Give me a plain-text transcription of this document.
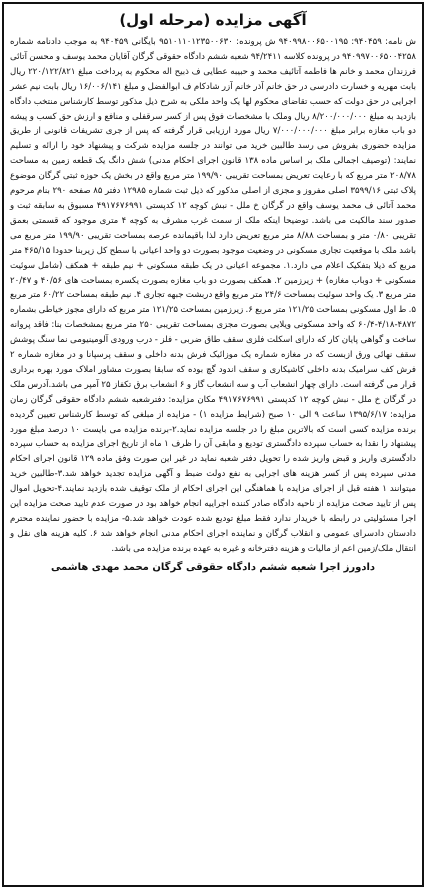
آگهی مزایده (مرحله اول)

ش نامه: ۹۴۰۴۵۹: ۹۴۰۹۹۸۰۰۶۵۰۰۱۹۵ ش پرونده: ۹۵۱۰۱۱۰۱۲۳۵۰۰۶۳۰ بایگانی ۹۴۰۴۵۹ به موجب دادنامه شماره ۹۴۰۹۹۷۰۰۶۵۰۰۴۲۵۸ در پرونده کلاسه ۹۴/۲۴۱۱ شعبه ششم دادگاه حقوقی گرگان آقایان محمد یوسف و محسن آتائی فرزندان محمد و خانم ها فاطمه آتائیف محمد و حبیبه عطایی ف ذبیح اله محکوم به پرداخت مبلغ ۲۲۰/۱۲۲/۸۲۱ ریال بابت مهریه و خسارت دادرسی در حق خانم آذر خانم آزر شادکام ف ابوالفضل و مبلغ ۱۶/۰۰۶/۱۴۱ ریال بابت نیم عشر اجرایی در حق دولت که حسب تقاضای محکوم لها یک واحد ملکی به شرح ذیل مذکور توسط کارشناس منتخب دادگاه بازدید به مبلغ ۸/۲۰۰/۰۰۰/۰۰۰ ریال وملک با مشخصات فوق پس از کسر سرقفلی و منافع و ارزش حق کسب و پیشه دو باب مغازه برابر مبلغ ۷/۰۰۰/۰۰۰/۰۰۰ ریال مورد ارزیابی قرار گرفته که پس از جری تشریفات قانونی از طریق مزایده حضوری بفروش می رسد طالبین خرید می توانند در جلسه مزایده شرکت و پیشنهاد خود را ارائه و تسلیم نمایند: (توصیف اجمالی ملک بر اساس ماده ۱۳۸ قانون اجرای احکام مدنی) شش دانگ یک قطعه زمین به مساحت ۲۰۸/۷۸ متر مربع که با رعایت تعریض بمساحت تقریبی ۱۹۹/۹۰ متر مربع واقع در بخش یک حوزه ثبتی گرگان موضوع پلاک ثبتی ۳۵۹۹/۱۶ اصلی مفروز و مجزی از اصلی مذکور که ذیل ثبت شماره ۱۲۹۸۵ دفتر ۸۵ صفحه ۲۹۰ بنام مرحوم محمد آتائی ف محمد یوسف واقع در گرگان خ ملل - نبش کوچه ۱۲ کدپستی ۴۹۱۷۶۷۶۹۹۱ مسبوق به سابقه ثبت و صدور سند مالکیت می باشد. توضیحا اینکه ملک از سمت غرب مشرف به کوچه ۴ متری موجود که قسمتی بعمق تقریبی ۰/۸۰ متر و بمساحت ۸/۸۸ متر مربع تعریض دارد لذا باقیمانده عرصه بمساحت تقریبی ۱۹۹/۹۰ متر مربع می باشد ملک با موقعیت تجاری مسکونی در وضعیت موجود بصورت دو واحد اعیانی با سطح کل زیربنا حدودا ۴۶۵/۱۵ متر مربع که ذیلا بتفکیک اعلام می دارد.۱. مجموعه اعیانی در یک طبقه مسکونی + نیم طبقه + همکف (شامل سوئیت مسکونی + دوباب مغازه) + زیرزمین ۲. همکف بصورت دو باب مغازه بصورت یکسره بمساحت های ۴۰/۵۶ و ۲۰/۴۷ متر مربع ۳. یک واحد سوئیت بمساحت ۲۴/۶ متر مربع واقع دربشت جبهه تجاری ۴. نیم طبقه بمساحت ۶۰/۲۲ متر مربع ۵. ط اول مسکونی بمساحت ۱۲۱/۲۵ متر مربع ۶. زیرزمین بمساحت ۱۲۱/۲۵ متر مربع که دارای مجوز خیاطی بشماره ۴۸۷۲-۴/۱۸-۶۰/۴ که واحد مسکونی ویلایی بصورت مجزی بمساحت تقریبی ۲۵۰ متر مربع بمشخصات بنا: فاقد پروانه ساخت و گواهی پایان کار که دارای اسکلت فلزی سقف طاق ضربی - فلز - درب ورودی آلومینیومی نما سنگ پوشش سقف نهائی ورق ازبست که در مغازه شماره یک موزائیک فرش بدنه داخلی و سقف پرسپانا و در مغازه شماره ۲ فرش کف سرامیک بدنه داخلی کاشیکاری و سقف اندود گچ بوده که سابقا بصورت مشاور املاک مورد بهره برداری قرار می گرفته است. دارای چهار انشعاب آب و سه انشعاب گاز و ۶ انشعاب برق تکفاز ۲۵ آمپر می باشد.آدرس ملک در گرگان خ ملل - نبش کوچه ۱۲ کدپستی ۴۹۱۷۶۷۶۹۹۱ مکان مزایده: دفترشعبه ششم دادگاه حقوقی گرگان زمان مزایده: ۱۳۹۵/۶/۱۷ ساعت ۹ الی ۱۰ صبح (شرایط مزایده ۱) - مزایده از مبلغی که توسط کارشناس تعیین گردیده برنده مزایده کسی است که بالاترین مبلغ را در جلسه مزایده نماید.۲-برنده مزایده می بایست ۱۰ درصد مبلغ مورد پیشنهاد را نقدا به حساب سپرده دادگستری تودیع و مابقی آن را ظرف ۱ ماه از تاریخ اجرای مزایده به حساب سپرده دادگستری واریز و قبض واریز شده را تحویل دفتر شعبه نماید در غیر این صورت وفق ماده ۱۲۹ قانون اجرای احکام مدنی سپرده پس از کسر هزینه های اجرایی به نفع دولت ضبط و آگهی مزایده تجدید خواهد شد.۳-طالبین خرید میتوانند ۱ هفته قبل از اجرای مزایده با هماهنگی این اجرای احکام از ملک توقیف شده بازدید نمایند.۴-تحویل اموال پس از تایید صحت مزایده از ناحیه دادگاه صادر کننده اجراییه انجام خواهد بود در صورت عدم تایید صحت مزایده این اجرا مسئولیتی در رابطه با خریدار ندارد فقط مبلغ تودیع شده عودت خواهد شد.۵- مزایده با حضور نماینده محترم دادستان دادسرای عمومی و انقلاب گرگان و نماینده اجرای احکام مدنی انجام خواهد شد ۶. کلیه هزینه های نقل و انتقال ملک/زمین اعم از مالیات و هزینه دفترخانه و غیره به عهده برنده مزایده می باشد.

دادورز اجرا شعبه ششم دادگاه حقوقی گرگان محمد مهدی هاشمی
